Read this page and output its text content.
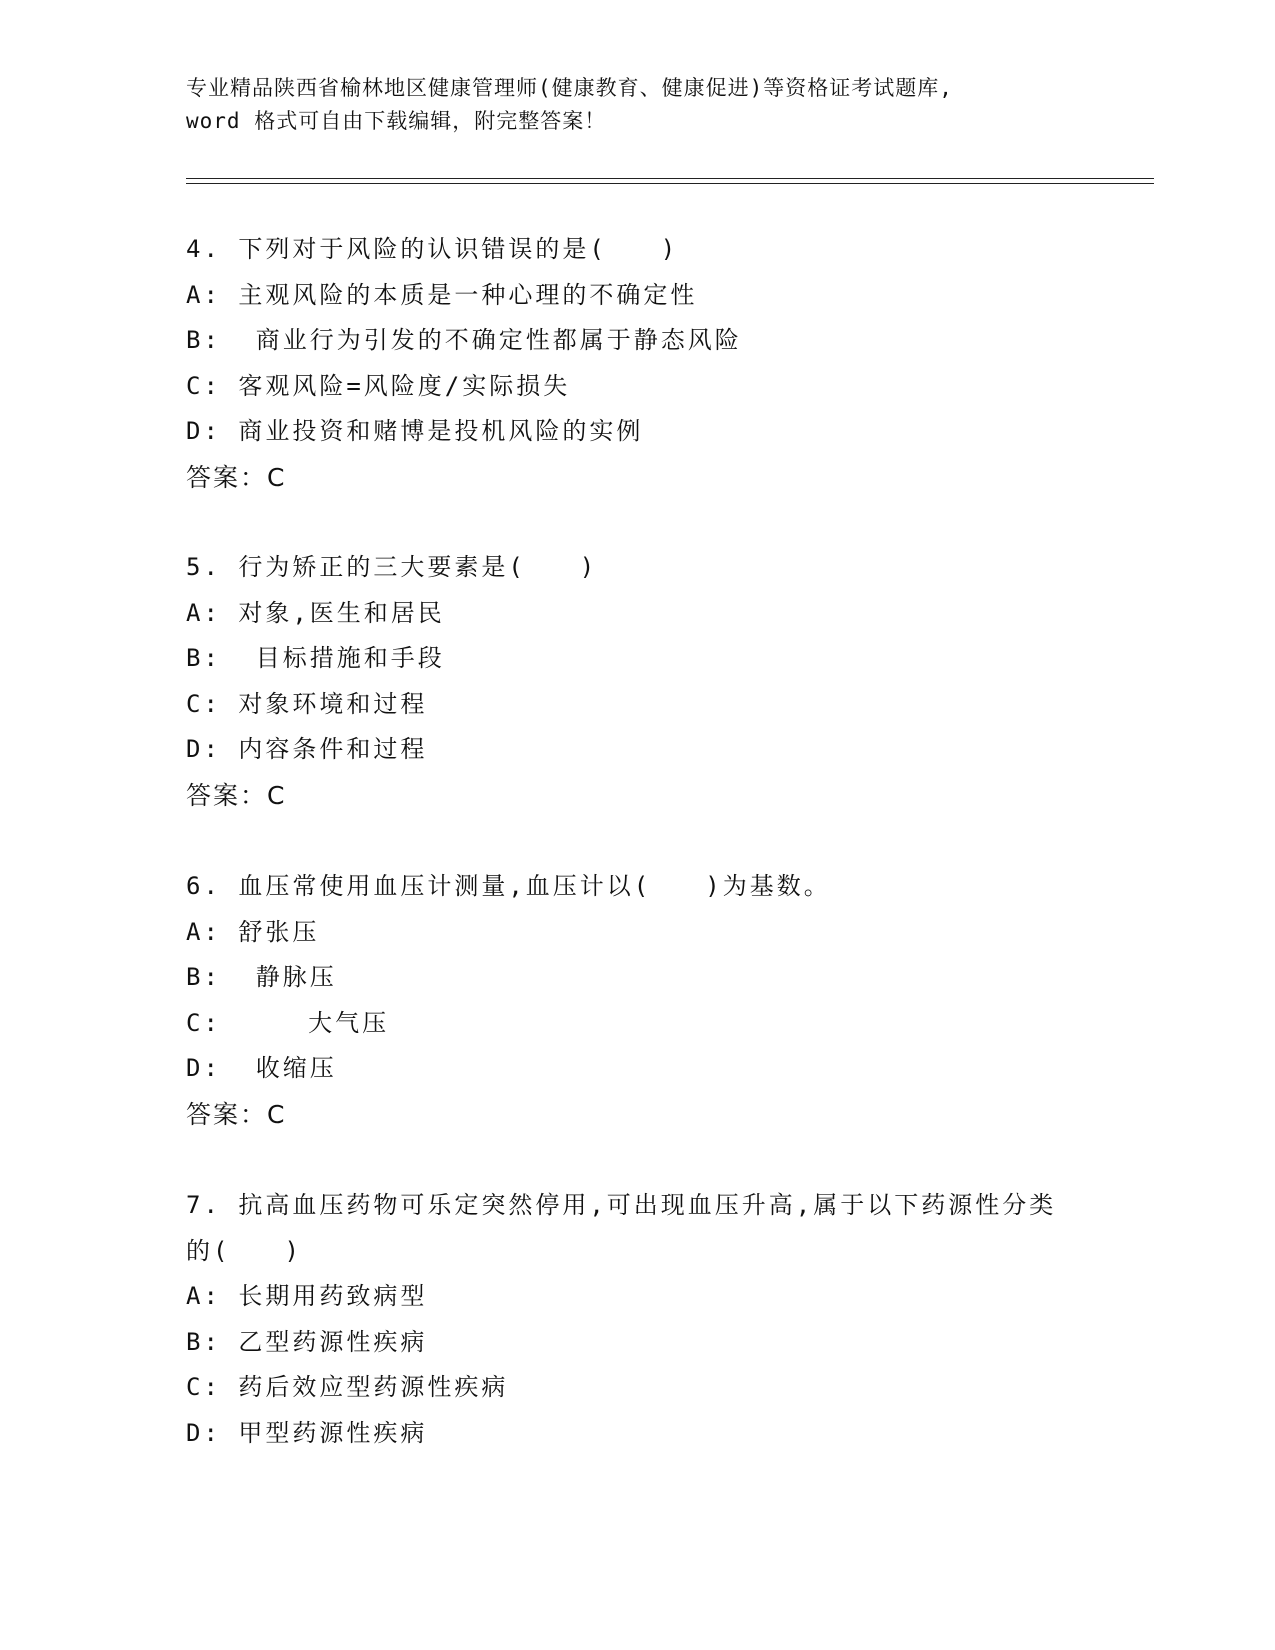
专业精品陕西省榆林地区健康管理师(健康教育、健康促进)等资格证考试题库,
word 格式可自由下载编辑，附完整答案！
4. 下列对于风险的认识错误的是(　　)
A: 主观风险的本质是一种心理的不确定性
B:  商业行为引发的不确定性都属于静态风险
C: 客观风险=风险度/实际损失
D: 商业投资和赌博是投机风险的实例
答案：C
5. 行为矫正的三大要素是(　　)
A: 对象,医生和居民
B:  目标措施和手段
C: 对象环境和过程
D: 内容条件和过程
答案：C
6. 血压常使用血压计测量,血压计以(　　)为基数。
A: 舒张压
B:  静脉压
C:     大气压
D:  收缩压
答案：C
7. 抗高血压药物可乐定突然停用,可出现血压升高,属于以下药源性分类的(　　)
A: 长期用药致病型
B: 乙型药源性疾病
C: 药后效应型药源性疾病
D: 甲型药源性疾病
